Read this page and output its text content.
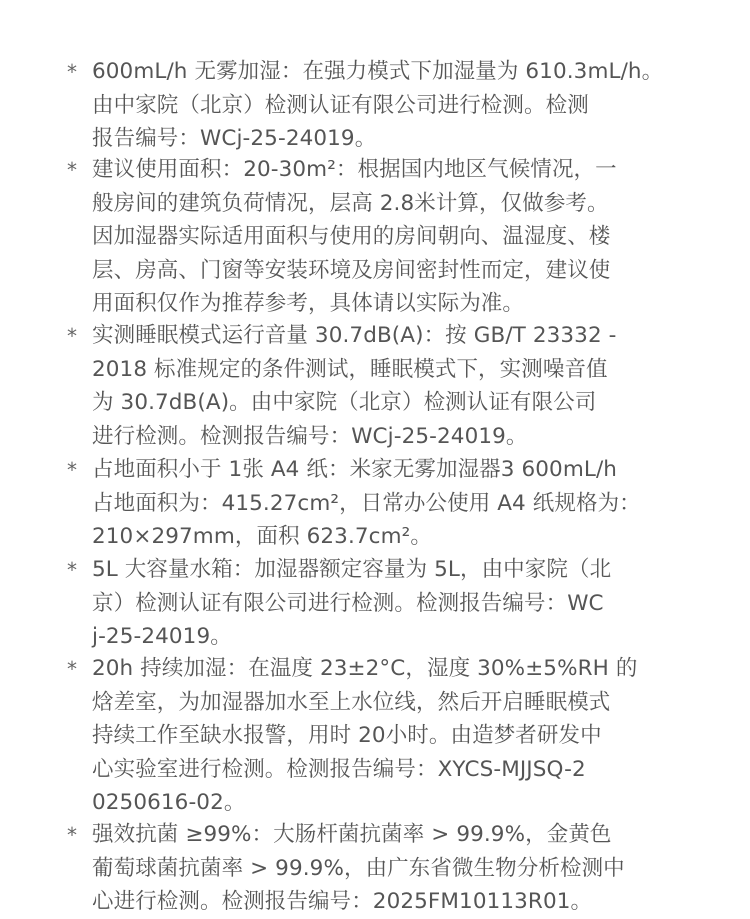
* 600mL/h 无雾加湿：在强力模式下加湿量为 610.3mL/h。
由中家院（北京）检测认证有限公司进行检测。检测
报告编号：WCj-25-24019。
* 建议使用面积：20-30m²：根据国内地区气候情况，一
般房间的建筑负荷情况，层高 2.8米计算，仅做参考。
因加湿器实际适用面积与使用的房间朝向、温湿度、楼
层、房高、门窗等安装环境及房间密封性而定，建议使
用面积仅作为推荐参考，具体请以实际为准。
* 实测睡眠模式运行音量 30.7dB(A)：按 GB/T 23332 -
2018 标准规定的条件测试，睡眠模式下，实测噪音值
为 30.7dB(A)。由中家院（北京）检测认证有限公司
进行检测。检测报告编号：WCj-25-24019。
* 占地面积小于 1张 A4 纸：米家无雾加湿器3 600mL/h
占地面积为：415.27cm²，日常办公使用 A4 纸规格为：
210×297mm，面积 623.7cm²。
* 5L 大容量水箱：加湿器额定容量为 5L，由中家院（北
京）检测认证有限公司进行检测。检测报告编号：WC
j-25-24019。
* 20h 持续加湿：在温度 23±2°C，湿度 30%±5%RH 的
焓差室，为加湿器加水至上水位线，然后开启睡眠模式
持续工作至缺水报警，用时 20小时。由造梦者研发中
心实验室进行检测。检测报告编号：XYCS-MJJSQ-2
0250616-02。
* 强效抗菌 ≥99%：大肠杆菌抗菌率 > 99.9%，金黄色
葡萄球菌抗菌率 > 99.9%，由广东省微生物分析检测中
心进行检测。检测报告编号：2025FM10113R01。
